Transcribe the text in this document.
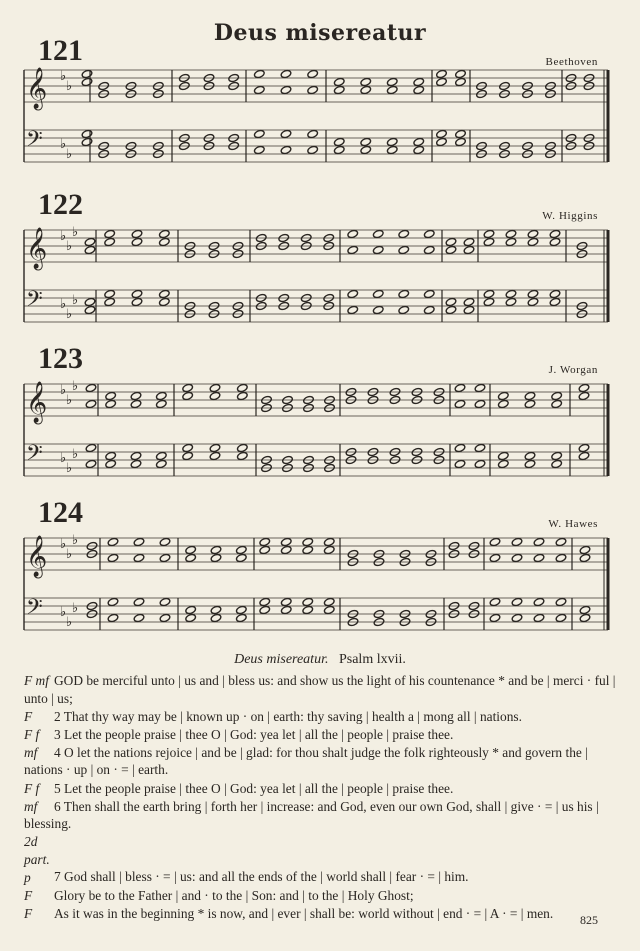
Deus misereatur
𝄞 ♭
♭
𝄢 ♭
♭
𝄞 ♭
♭
♭
𝄢 ♭
♭
♭
𝄞 ♭
♭
♭
𝄢 ♭
♭
♭
𝄞 ♭
♭
♭
𝄢 ♭
♭
♭
121	Beethoven
122	W. Higgins
123	J. Worgan
124	W. Hawes
Deus misereatur. Psalm lxvii.
F mf GOD be merciful unto | us and | bless us: and show us the light of his countenance * and be | merci · ful | unto | us;
F 2 That thy way may be | known up · on | earth: thy saving | health a | mong all | nations.
F f 3 Let the people praise | thee O | God: yea let | all the | people | praise thee.
mf 4 O let the nations rejoice | and be | glad: for thou shalt judge the folk righteously * and govern the | nations · up | on · = | earth.
F f 5 Let the people praise | thee O | God: yea let | all the | people | praise thee.
mf 6 Then shall the earth bring | forth her | increase: and God, even our own God, shall | give · = | us his | blessing.
2d part. p 7 God shall | bless · = | us: and all the ends of the | world shall | fear · = | him.
F Glory be to the Father | and · to the | Son: and | to the | Holy Ghost;
F As it was in the beginning * is now, and | ever | shall be: world without | end · = | A · = | men.	825
